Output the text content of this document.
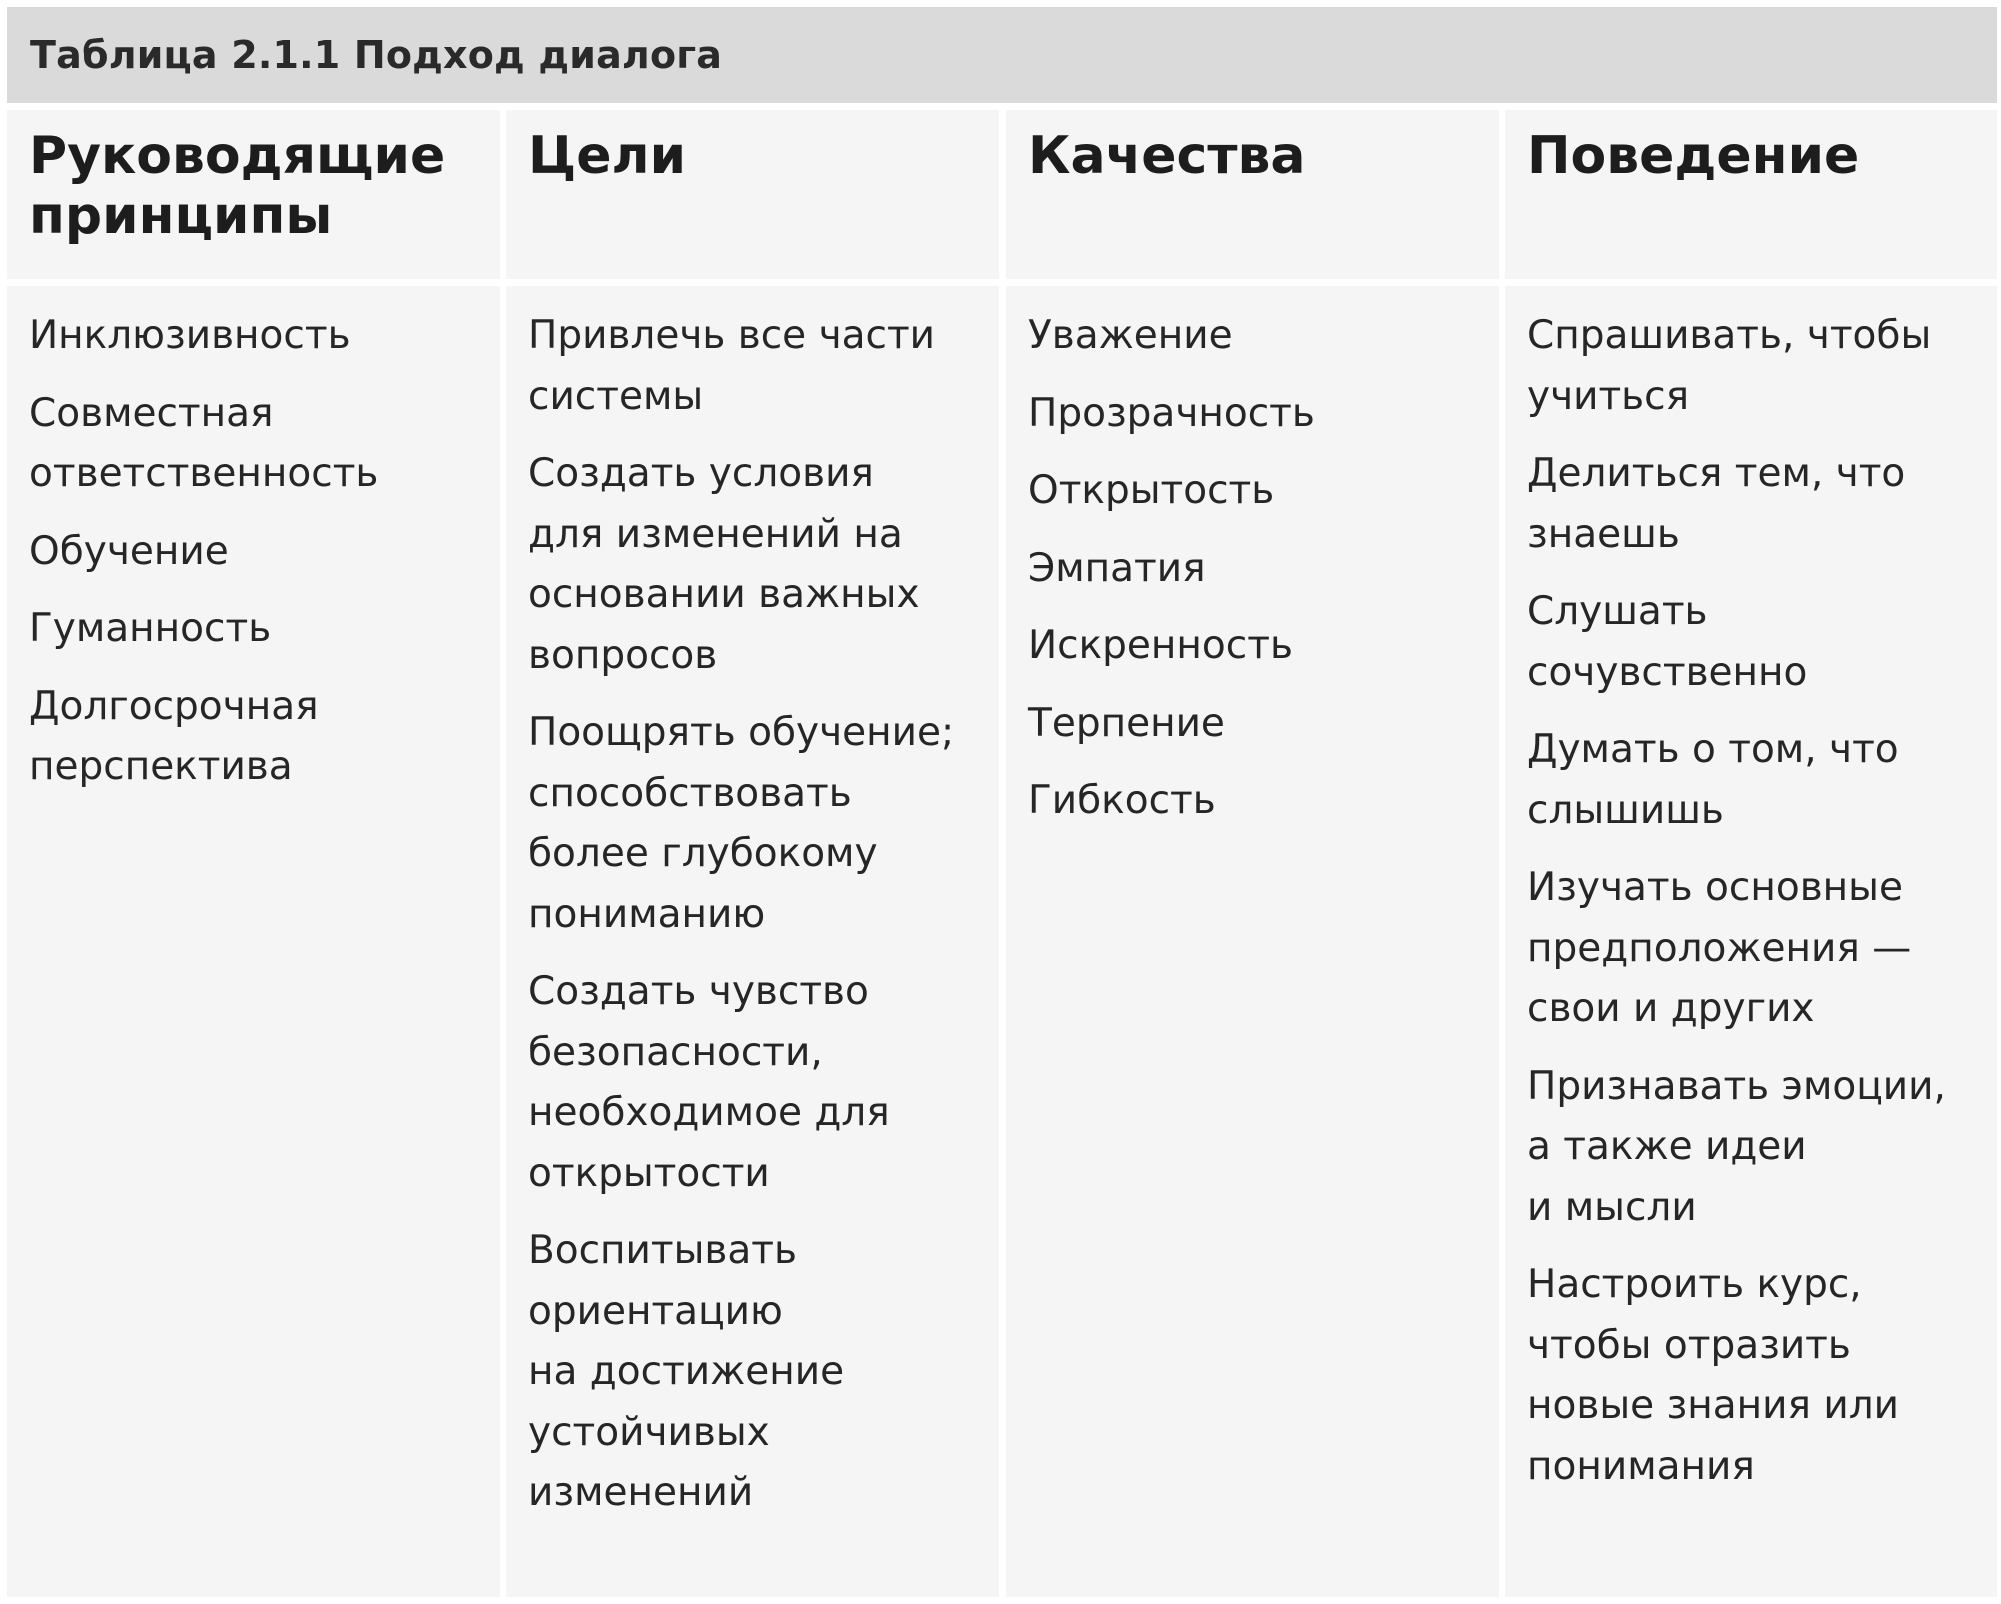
Таблица 2.1.1 Подход диалога

Руководящие
принципы

Цели	Качества	Поведение

Инклюзивность

Совместная
ответственность

Обучение

Гуманность

Долгосрочная
перспектива

Привлечь все части
системы

Создать условия
для изменений на
основании важных
вопросов

Поощрять обучение;
способствовать
более глубокому
пониманию

Создать чувство
безопасности,
необходимое для
открытости

Воспитывать
ориентацию
на достижение
устойчивых
изменений

Уважение

Прозрачность

Открытость

Эмпатия

Искренность

Терпение

Гибкость

Спрашивать, чтобы
учиться

Делиться тем, что
знаешь

Слушать
сочувственно

Думать о том, что
слышишь

Изучать основные
предположения —
свои и других

Признавать эмоции,
а также идеи
и мысли

Настроить курс,
чтобы отразить
новые знания или
понимания
